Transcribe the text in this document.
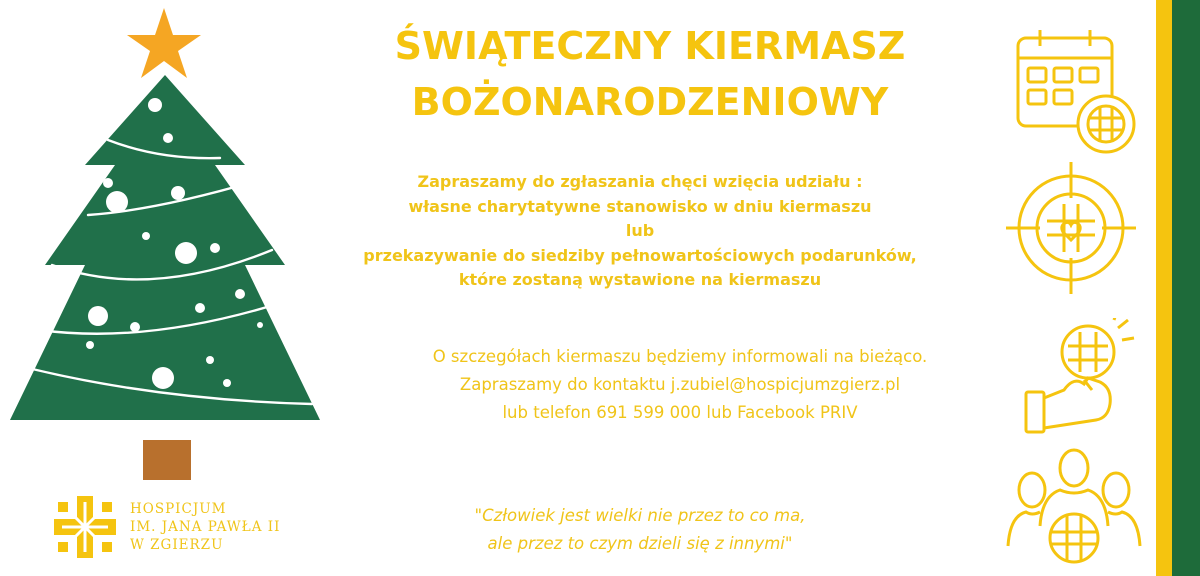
HOSPICJUM
IM. JANA PAWŁA II
W ZGIERZU
ŚWIĄTECZNY KIERMASZ
BOŻONARODZENIOWY
Zapraszamy do zgłaszania chęci wzięcia udziału :
własne charytatywne stanowisko w dniu kiermaszu
lub
przekazywanie do siedziby pełnowartościowych podarunków,
które zostaną wystawione na kiermaszu
O szczegółach kiermaszu będziemy informowali na bieżąco.
Zapraszamy do kontaktu j.zubiel@hospicjumzgierz.pl
lub telefon 691 599 000 lub Facebook PRIV
"Człowiek jest wielki nie przez to co ma,
ale przez to czym dzieli się z innymi"
